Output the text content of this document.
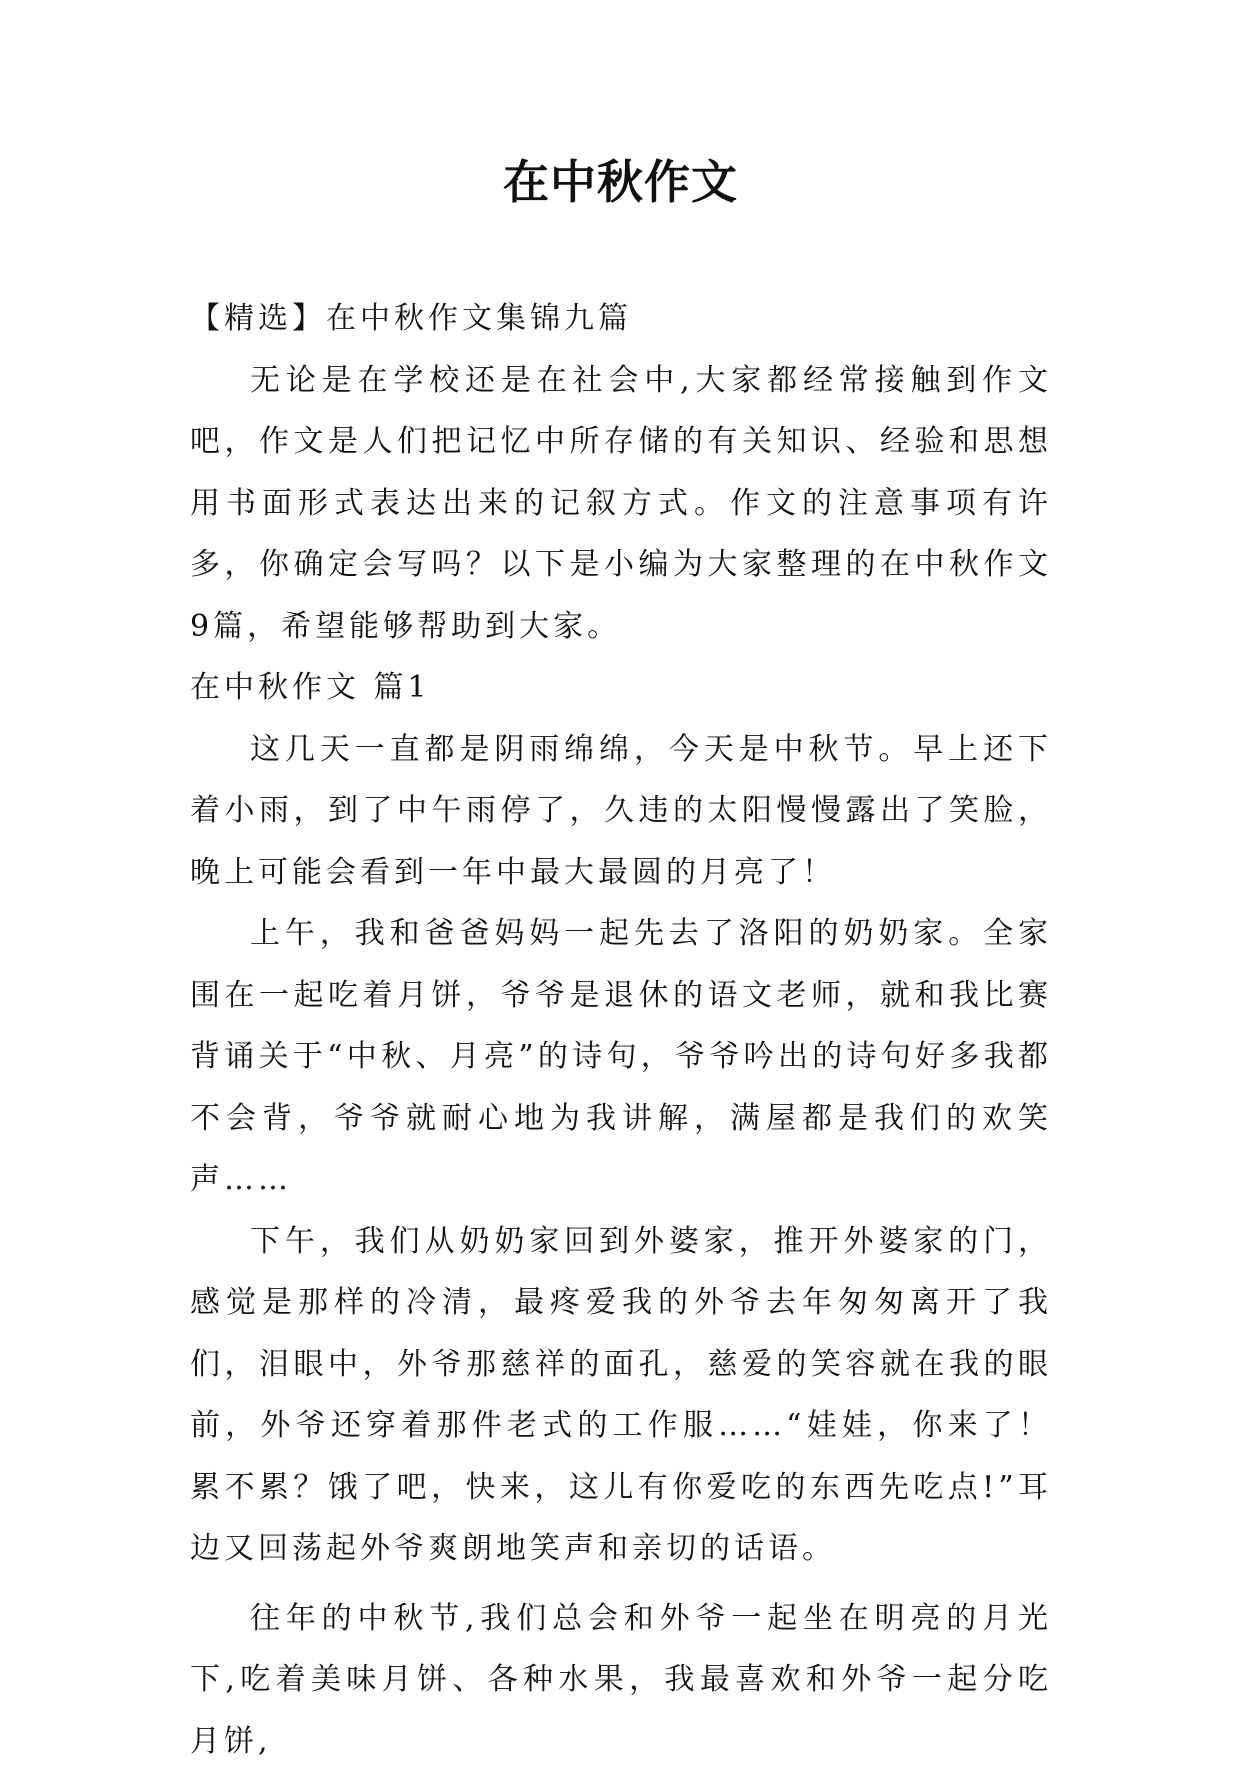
在中秋作文

【精选】在中秋作文集锦九篇

无论是在学校还是在社会中,大家都经常接触到作文吧，作文是人们把记忆中所存储的有关知识、经验和思想用书面形式表达出来的记叙方式。作文的注意事项有许多，你确定会写吗？以下是小编为大家整理的在中秋作文9篇，希望能够帮助到大家。

在中秋作文 篇1

这几天一直都是阴雨绵绵，今天是中秋节。早上还下着小雨，到了中午雨停了，久违的太阳慢慢露出了笑脸，晚上可能会看到一年中最大最圆的月亮了！

上午，我和爸爸妈妈一起先去了洛阳的奶奶家。全家围在一起吃着月饼，爷爷是退休的语文老师，就和我比赛背诵关于“中秋、月亮”的诗句，爷爷吟出的诗句好多我都不会背，爷爷就耐心地为我讲解，满屋都是我们的欢笑声……

下午，我们从奶奶家回到外婆家，推开外婆家的门，感觉是那样的冷清，最疼爱我的外爷去年匆匆离开了我们，泪眼中，外爷那慈祥的面孔，慈爱的笑容就在我的眼前，外爷还穿着那件老式的工作服……“娃娃，你来了！累不累？饿了吧，快来，这儿有你爱吃的东西先吃点!”耳边又回荡起外爷爽朗地笑声和亲切的话语。

往年的中秋节,我们总会和外爷一起坐在明亮的月光下,吃着美味月饼、各种水果，我最喜欢和外爷一起分吃月饼,
